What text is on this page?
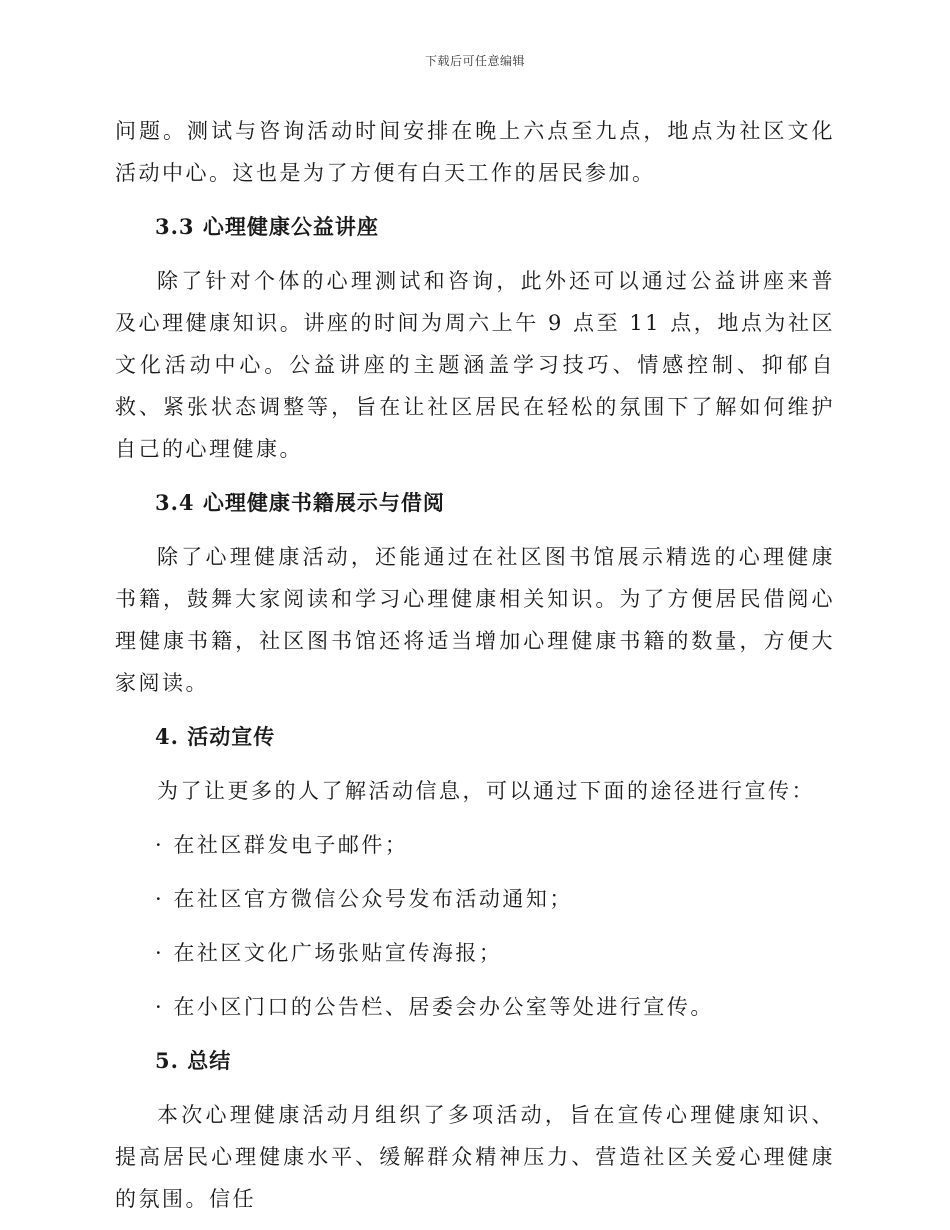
下载后可任意编辑

问题。测试与咨询活动时间安排在晚上六点至九点，地点为社区文化活动中心。这也是为了方便有白天工作的居民参加。

3.3 心理健康公益讲座

除了针对个体的心理测试和咨询，此外还可以通过公益讲座来普及心理健康知识。讲座的时间为周六上午 9 点至 11 点，地点为社区文化活动中心。公益讲座的主题涵盖学习技巧、情感控制、抑郁自救、紧张状态调整等，旨在让社区居民在轻松的氛围下了解如何维护自己的心理健康。

3.4 心理健康书籍展示与借阅

除了心理健康活动，还能通过在社区图书馆展示精选的心理健康书籍，鼓舞大家阅读和学习心理健康相关知识。为了方便居民借阅心理健康书籍，社区图书馆还将适当增加心理健康书籍的数量，方便大家阅读。

4. 活动宣传

为了让更多的人了解活动信息，可以通过下面的途径进行宣传：

· 在社区群发电子邮件；

· 在社区官方微信公众号发布活动通知；

· 在社区文化广场张贴宣传海报；

· 在小区门口的公告栏、居委会办公室等处进行宣传。

5. 总结

本次心理健康活动月组织了多项活动，旨在宣传心理健康知识、提高居民心理健康水平、缓解群众精神压力、营造社区关爱心理健康的氛围。信任
